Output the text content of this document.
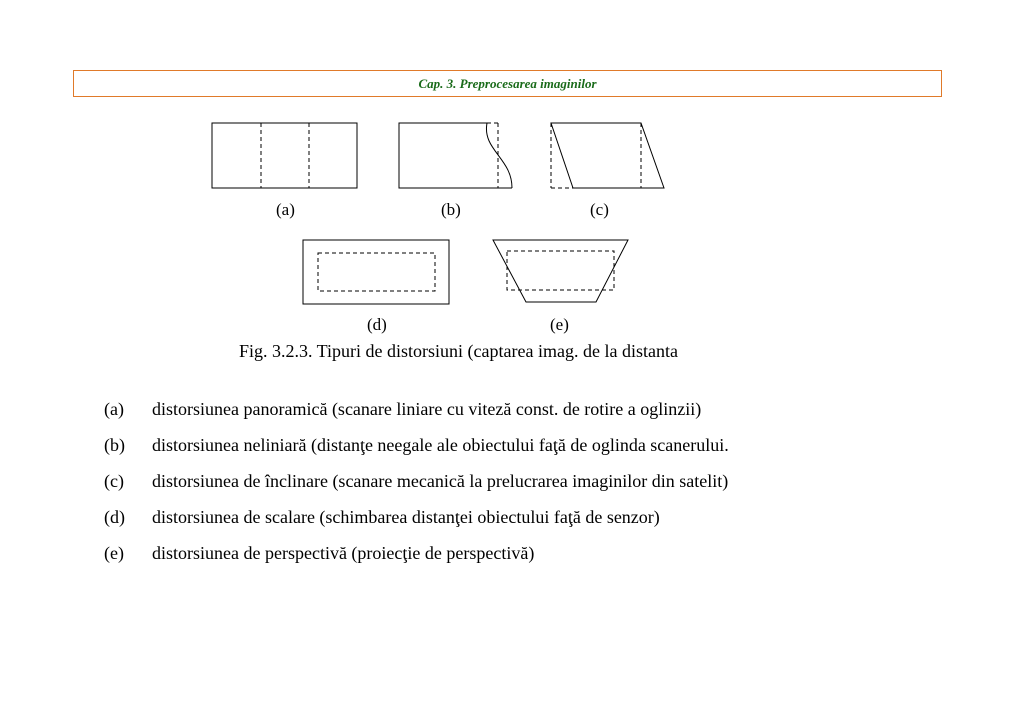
Cap. 3. Preprocesarea imaginilor
(a)	(b)	(c)
(d)	(e)
Fig. 3.2.3. Tipuri de distorsiuni (captarea imag. de la distanta
(a)	distorsiunea panoramică (scanare liniare cu viteză const. de rotire a oglinzii)
(b)	distorsiunea neliniară (distanţe neegale ale obiectului faţă de oglinda scanerului.
(c)	distorsiunea de înclinare (scanare mecanică la prelucrarea imaginilor din satelit)
(d)	distorsiunea de scalare (schimbarea distanţei obiectului faţă de senzor)
(e)	distorsiunea de perspectivă (proiecţie de perspectivă)
